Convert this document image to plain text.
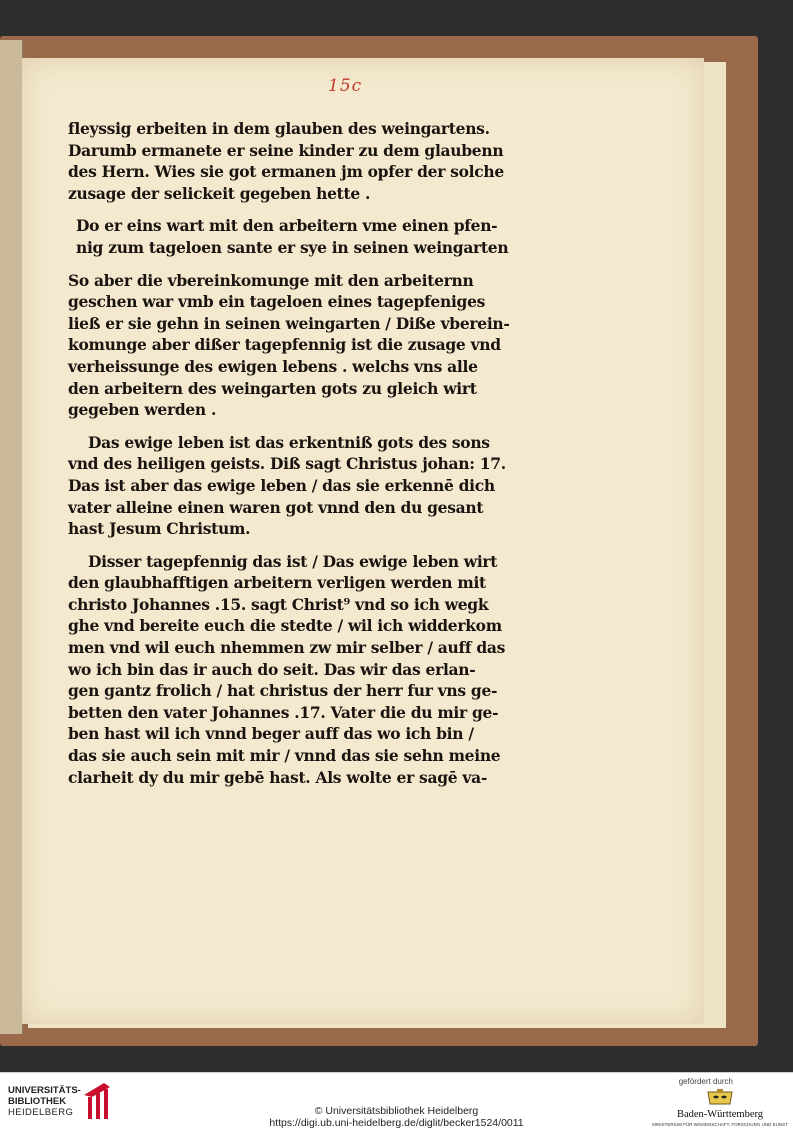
15c
fleyssig erbeiten in dem glauben des weingartens.
Darumb ermanete er seine kinder zu dem glaubenn
des Hern. Wies sie got ermanen jm opfer der solche
zusage der selickeit gegeben hette .
Do er eins wart mit den arbeitern vme einen pfen-
nig zum tageloen sante er sye in seinen weingarten
So aber die vbereinkomunge mit den arbeiternn
geschen war vmb ein tageloen eines tagepfeniges
ließ er sie gehn in seinen weingarten / Diße vberein-
komunge aber dißer tagepfennig ist die zusage vnd
verheissunge des ewigen lebens . welchs vns alle
den arbeitern des weingarten gots zu gleich wirt
gegeben werden .
Das ewige leben ist das erkentniß gots des sons
vnd des heiligen geists. Diß sagt Christus johan: 17.
Das ist aber das ewige leben / das sie erkennē dich
vater alleine einen waren got vnnd den du gesant
hast Jesum Christum.
Disser tagepfennig das ist / Das ewige leben wirt
den glaubhafftigen arbeitern verligen werden mit
christo Johannes .15. sagt Christ⁹ vnd so ich wegk
ghe vnd bereite euch die stedte / wil ich widderkom
men vnd wil euch nhemmen zw mir selber / auff das
wo ich bin das ir auch do seit. Das wir das erlan-
gen gantz frolich / hat christus der herr fur vns ge-
betten den vater Johannes .17. Vater die du mir ge-
ben hast wil ich vnnd beger auff das wo ich bin /
das sie auch sein mit mir / vnnd das sie sehn meine
clarheit dy du mir gebē hast. Als wolte er sagē va-
UNIVERSITÄTS-
BIBLIOTHEK
HEIDELBERG	© Universitätsbibliothek Heidelberg
https://digi.ub.uni-heidelberg.de/diglit/becker1524/0011
gefördert durch
Baden-Württemberg
MINISTERIUM FÜR WISSENSCHAFT, FORSCHUNG UND KUNST
